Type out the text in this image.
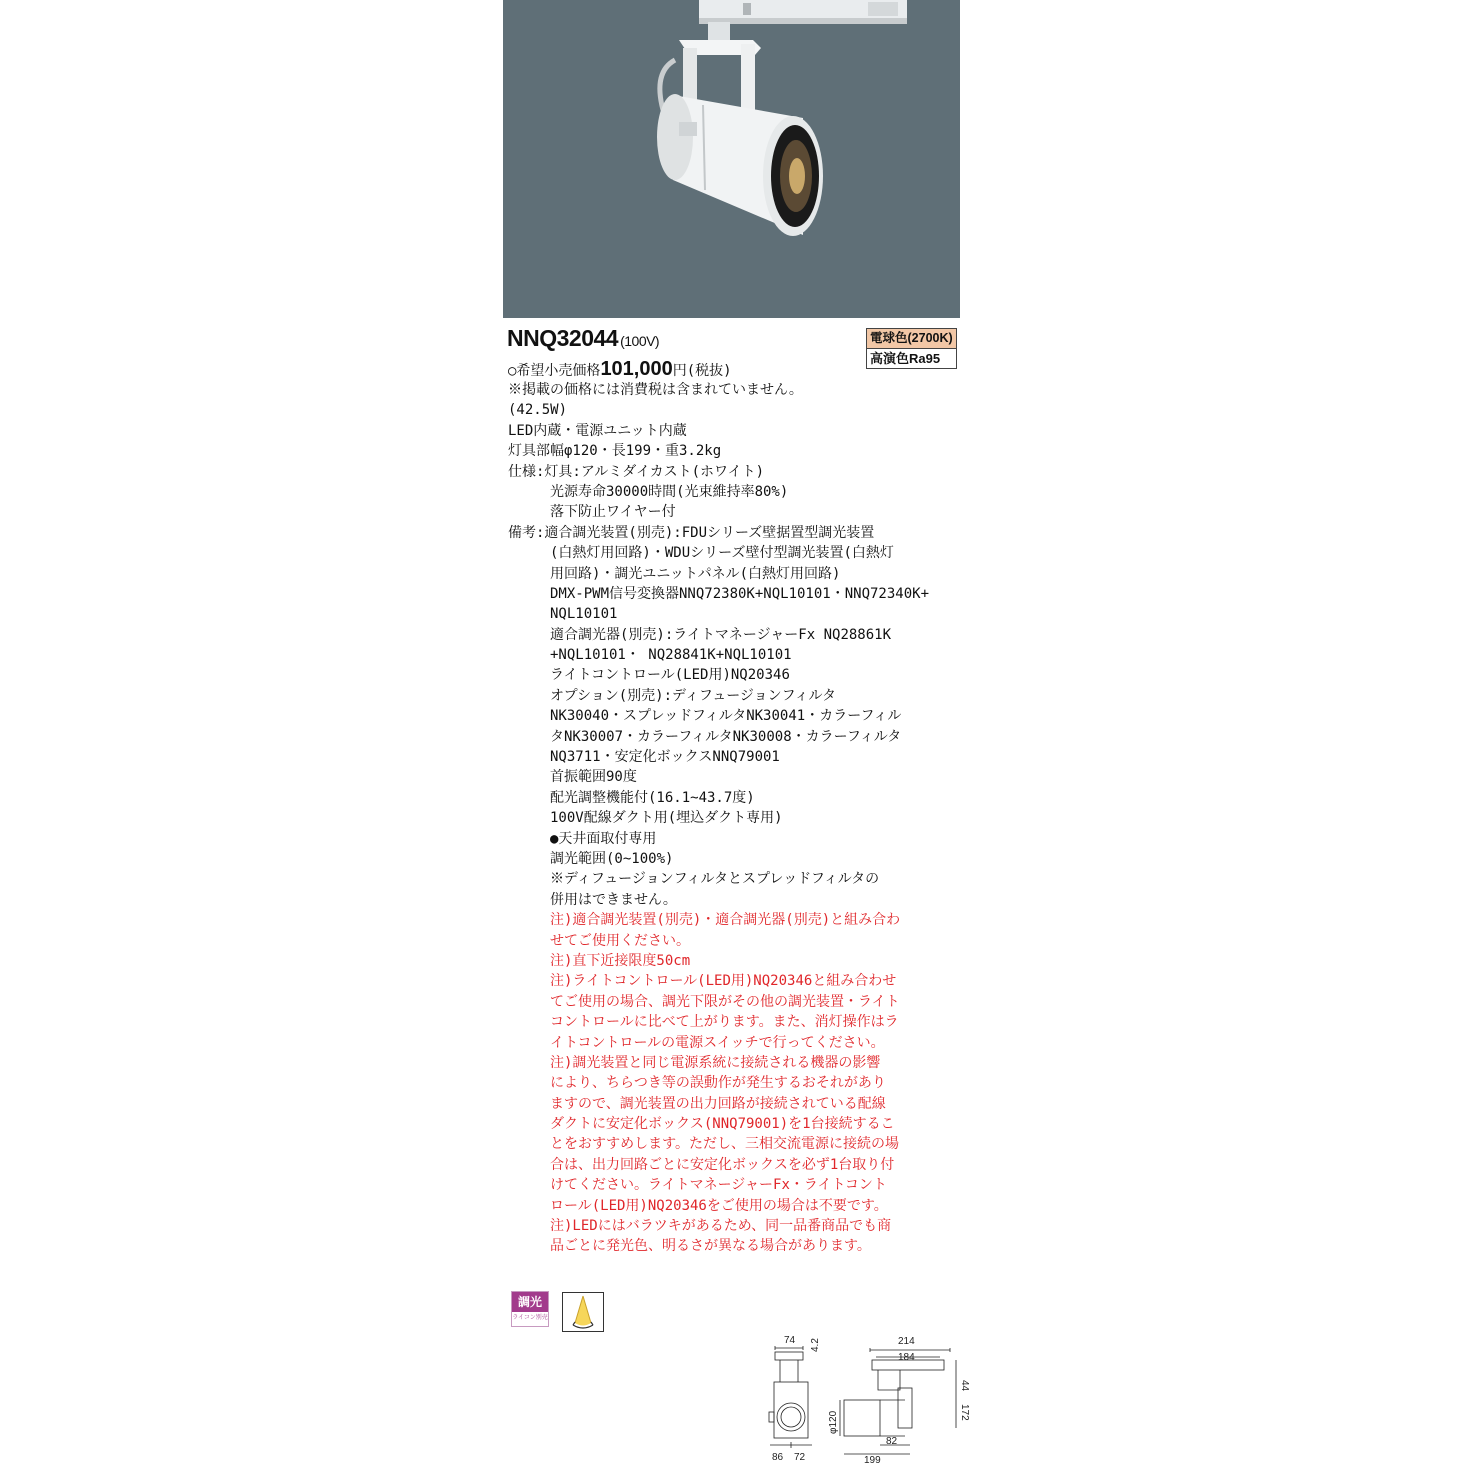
NNQ32044 (100V)	電球色(2700K)
高演色Ra95
○希望小売価格101,000円(税抜)
※掲載の価格には消費税は含まれていません。
(42.5W)
LED内蔵・電源ユニット内蔵
灯具部幅φ120・長199・重3.2kg
仕様:灯具:アルミダイカスト(ホワイト)
光源寿命30000時間(光束維持率80%)
落下防止ワイヤー付
備考:適合調光装置(別売):FDUシリーズ壁据置型調光装置
(白熱灯用回路)・WDUシリーズ壁付型調光装置(白熱灯
用回路)・調光ユニットパネル(白熱灯用回路)
DMX-PWM信号変換器NNQ72380K+NQL10101・NNQ72340K+
NQL10101
適合調光器(別売):ライトマネージャーFx NQ28861K
+NQL10101・ NQ28841K+NQL10101
ライトコントロール(LED用)NQ20346
オプション(別売):ディフュージョンフィルタ
NK30040・スプレッドフィルタNK30041・カラーフィル
タNK30007・カラーフィルタNK30008・カラーフィルタ
NQ3711・安定化ボックスNNQ79001
首振範囲90度
配光調整機能付(16.1~43.7度)
100V配線ダクト用(埋込ダクト専用)
●天井面取付専用
調光範囲(0~100%)
※ディフュージョンフィルタとスプレッドフィルタの
併用はできません。
注)適合調光装置(別売)・適合調光器(別売)と組み合わ
せてご使用ください。
注)直下近接限度50cm
注)ライトコントロール(LED用)NQ20346と組み合わせ
てご使用の場合、調光下限がその他の調光装置・ライト
コントロールに比べて上がります。また、消灯操作はラ
イトコントロールの電源スイッチで行ってください。
注)調光装置と同じ電源系統に接続される機器の影響
により、ちらつき等の誤動作が発生するおそれがあり
ますので、調光装置の出力回路が接続されている配線
ダクトに安定化ボックス(NNQ79001)を1台接続するこ
とをおすすめします。ただし、三相交流電源に接続の場
合は、出力回路ごとに安定化ボックスを必ず1台取り付
けてください。ライトマネージャーFx・ライトコント
ロール(LED用)NQ20346をご使用の場合は不要です。
注)LEDにはバラツキがあるため、同一品番商品でも商
品ごとに発光色、明るさが異なる場合があります。
調光
ライコン別売
74 4.2
86 72
214
184
44
172
φ120
82
199
